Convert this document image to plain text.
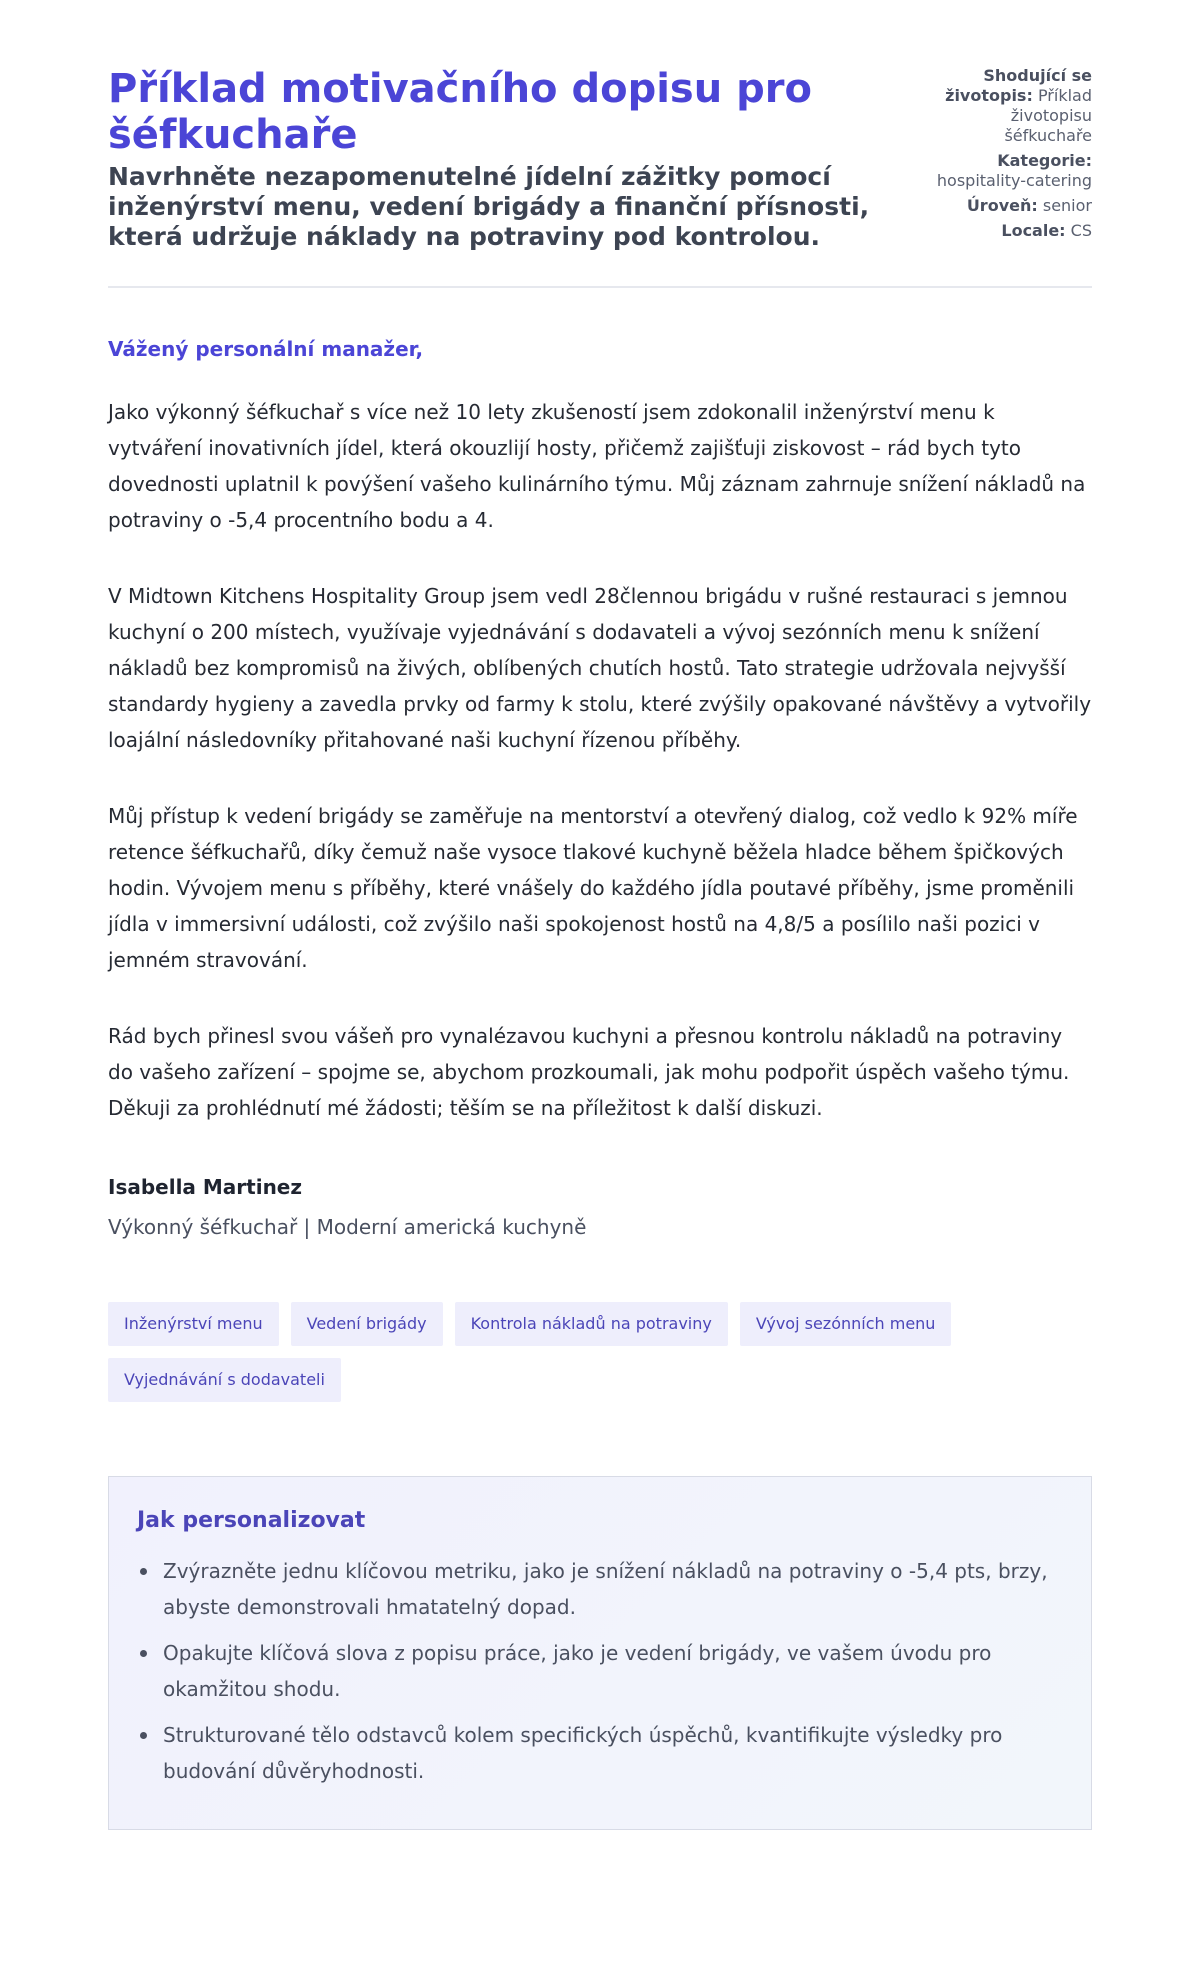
Příklad motivačního dopisu pro šéfkuchaře
Navrhněte nezapomenutelné jídelní zážitky pomocí inženýrství menu, vedení brigády a finanční přísnosti, která udržuje náklady na potraviny pod kontrolou.
Shodující se životopis: Příklad životopisu šéfkuchaře
Kategorie:
hospitality-catering
Úroveň: senior
Locale: CS

Vážený personální manažer,

Jako výkonný šéfkuchař s více než 10 lety zkušeností jsem zdokonalil inženýrství menu k vytváření inovativních jídel, která okouzlijí hosty, přičemž zajišťuji ziskovost – rád bych tyto dovednosti uplatnil k povýšení vašeho kulinárního týmu. Můj záznam zahrnuje snížení nákladů na potraviny o -5,4 procentního bodu a 4.

V Midtown Kitchens Hospitality Group jsem vedl 28člennou brigádu v rušné restauraci s jemnou kuchyní o 200 místech, využívaje vyjednávání s dodavateli a vývoj sezónních menu k snížení nákladů bez kompromisů na živých, oblíbených chutích hostů. Tato strategie udržovala nejvyšší standardy hygieny a zavedla prvky od farmy k stolu, které zvýšily opakované návštěvy a vytvořily loajální následovníky přitahované naši kuchyní řízenou příběhy.

Můj přístup k vedení brigády se zaměřuje na mentorství a otevřený dialog, což vedlo k 92% míře retence šéfkuchařů, díky čemuž naše vysoce tlakové kuchyně běžela hladce během špičkových hodin. Vývojem menu s příběhy, které vnášely do každého jídla poutavé příběhy, jsme proměnili jídla v immersivní události, což zvýšilo naši spokojenost hostů na 4,8/5 a posílilo naši pozici v jemném stravování.

Rád bych přinesl svou vášeň pro vynalézavou kuchyni a přesnou kontrolu nákladů na potraviny do vašeho zařízení – spojme se, abychom prozkoumali, jak mohu podpořit úspěch vašeho týmu. Děkuji za prohlédnutí mé žádosti; těším se na příležitost k další diskuzi.

Isabella Martinez
Výkonný šéfkuchař | Moderní americká kuchyně
Inženýrství menu	Vedení brigády	Kontrola nákladů na potraviny	Vývoj sezónních menu
Vyjednávání s dodavateli
Jak personalizovat
Zvýrazněte jednu klíčovou metriku, jako je snížení nákladů na potraviny o -5,4 pts, brzy, abyste demonstrovali hmatatelný dopad.
Opakujte klíčová slova z popisu práce, jako je vedení brigády, ve vašem úvodu pro okamžitou shodu.
Strukturované tělo odstavců kolem specifických úspěchů, kvantifikujte výsledky pro budování důvěryhodnosti.
